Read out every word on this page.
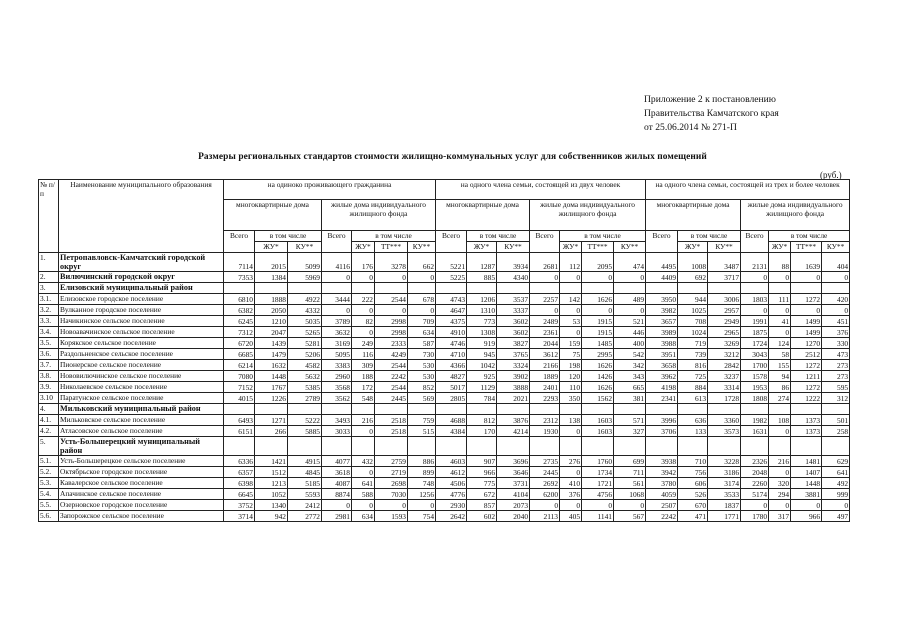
Приложение 2 к постановлению
Правительства Камчатского края
от 25.06.2014 № 271-П
Размеры региональных стандартов стоимости жилищно-коммунальных услуг для собственников жилых помещений
(руб.)
№ п/п	Наименование муниципального образования	на одиноко проживающего гражданина							на одного члена семьи, состоящей из двух человек							на одного члена семьи, состоящей из трех и более человек						
		многоквартирные дома			жилые дома индивидуального жилищного фонда				многоквартирные дома			жилые дома индивидуального жилищного фонда				многоквартирные дома			жилые дома индивидуального жилищного фонда			
		Всего	в том числе		Всего	в том числе			Всего	в том числе		Всего	в том числе			Всего	в том числе		Всего	в том числе		
			ЖУ*	КУ**		ЖУ*	ТТ***	КУ**		ЖУ*	КУ**		ЖУ*	ТТ***	КУ**		ЖУ*	КУ**		ЖУ*	ТТ***	КУ**
1.	Петропавловск-Камчатский городской округ	7114	2015	5099	4116	176	3278	662	5221	1287	3934	2681	112	2095	474	4495	1008	3487	2131	88	1639	404
2.	Вилючинский городской округ	7353	1384	5969	0	0	0	0	5225	885	4340	0	0	0	0	4409	692	3717	0	0	0	0
3.	Елизовский муниципальный район																					
3.1.	Елизовское городское поселение	6810	1888	4922	3444	222	2544	678	4743	1206	3537	2257	142	1626	489	3950	944	3006	1803	111	1272	420
3.2.	Вулканное городское поселение	6382	2050	4332	0	0	0	0	4647	1310	3337	0	0	0	0	3982	1025	2957	0	0	0	0
3.3.	Начикинское сельское поселение	6245	1210	5035	3789	82	2998	709	4375	773	3602	2489	53	1915	521	3657	708	2949	1991	41	1499	451
3.4.	Новоавачинское сельское поселение	7312	2047	5265	3632	0	2998	634	4910	1308	3602	2361	0	1915	446	3989	1024	2965	1875	0	1499	376
3.5.	Корякское сельское поселение	6720	1439	5281	3169	249	2333	587	4746	919	3827	2044	159	1485	400	3988	719	3269	1724	124	1270	330
3.6.	Раздольненское сельское поселение	6685	1479	5206	5095	116	4249	730	4710	945	3765	3612	75	2995	542	3951	739	3212	3043	58	2512	473
3.7.	Пионерское сельское поселение	6214	1632	4582	3383	309	2544	530	4366	1042	3324	2166	198	1626	342	3658	816	2842	1700	155	1272	273
3.8.	Нововилючинское сельское поселение	7080	1448	5632	2960	188	2242	530	4827	925	3902	1889	120	1426	343	3962	725	3237	1578	94	1211	273
3.9.	Николаевское сельское поселение	7152	1767	5385	3568	172	2544	852	5017	1129	3888	2401	110	1626	665	4198	884	3314	1953	86	1272	595
3.10	Паратунское сельское поселение	4015	1226	2789	3562	548	2445	569	2805	784	2021	2293	350	1562	381	2341	613	1728	1808	274	1222	312
4.	Мильковский муниципальный район																					
4.1.	Мильковское сельское поселение	6493	1271	5222	3493	216	2518	759	4688	812	3876	2312	138	1603	571	3996	636	3360	1982	108	1373	501
4.2.	Атласовское сельское поселение	6151	266	5885	3033	0	2518	515	4384	170	4214	1930	0	1603	327	3706	133	3573	1631	0	1373	258
5.	Усть-Большерецкий муниципальный район																					
5.1.	Усть-Большерецкое сельское поселение	6336	1421	4915	4077	432	2759	886	4603	907	3696	2735	276	1760	699	3938	710	3228	2326	216	1481	629
5.2.	Октябрьское городское поселение	6357	1512	4845	3618	0	2719	899	4612	966	3646	2445	0	1734	711	3942	756	3186	2048	0	1407	641
5.3.	Кавалерское сельское поселение	6398	1213	5185	4087	641	2698	748	4506	775	3731	2692	410	1721	561	3780	606	3174	2260	320	1448	492
5.4.	Апачинское сельское поселение	6645	1052	5593	8874	588	7030	1256	4776	672	4104	6200	376	4756	1068	4059	526	3533	5174	294	3881	999
5.5.	Озерновское городское поселение	3752	1340	2412	0	0	0	0	2930	857	2073	0	0	0	0	2507	670	1837	0	0	0	0
5.6.	Запорожское сельское поселение	3714	942	2772	2981	634	1593	754	2642	602	2040	2113	405	1141	567	2242	471	1771	1780	317	966	497
